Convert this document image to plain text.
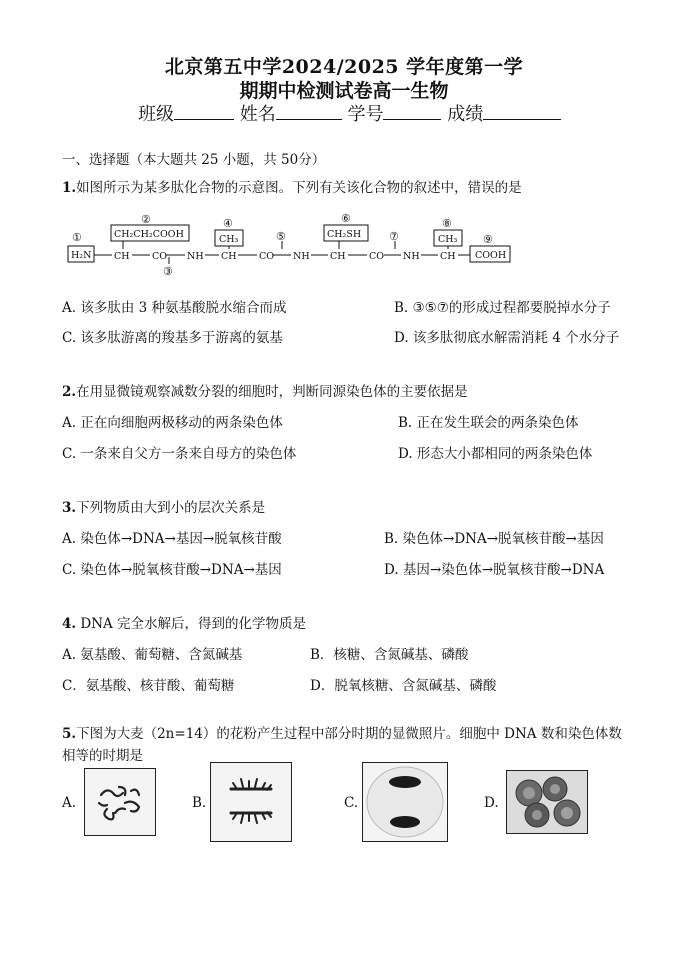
北京第五中学2024/2025 学年度第一学
期期中检测试卷高一生物
班级	姓名	学号	成绩
一、选择题（本大题共 25 小题，共 50分）
1.如图所示为某多肽化合物的示意图。下列有关该化合物的叙述中，错误的是
H₂N
CH₂CH₂COOH	CH₃	CH₂SH	CH₃
COOH
CH CO NH CH CO NH CH CO NH CH
①
②
③
④
⑤
⑥
⑦
⑧
⑨
A. 该多肽由 3 种氨基酸脱水缩合而成	B. ③⑤⑦的形成过程都要脱掉水分子
C. 该多肽游离的羧基多于游离的氨基	D. 该多肽彻底水解需消耗 4 个水分子
2.在用显微镜观察减数分裂的细胞时，判断同源染色体的主要依据是
A. 正在向细胞两极移动的两条染色体	B. 正在发生联会的两条染色体
C. 一条来自父方一条来自母方的染色体	D. 形态大小都相同的两条染色体
3.下列物质由大到小的层次关系是
A. 染色体→DNA→基因→脱氧核苷酸	B. 染色体→DNA→脱氧核苷酸→基因
C. 染色体→脱氧核苷酸→DNA→基因	D. 基因→染色体→脱氧核苷酸→DNA
4. DNA 完全水解后，得到的化学物质是
A. 氨基酸、葡萄糖、含氮碱基	B．核糖、含氮碱基、磷酸
C．氨基酸、核苷酸、葡萄糖	D．脱氧核糖、含氮碱基、磷酸
5.下图为大麦（2n=14）的花粉产生过程中部分时期的显微照片。细胞中 DNA 数和染色体数
相等的时期是
A.	B.	C.	D.
